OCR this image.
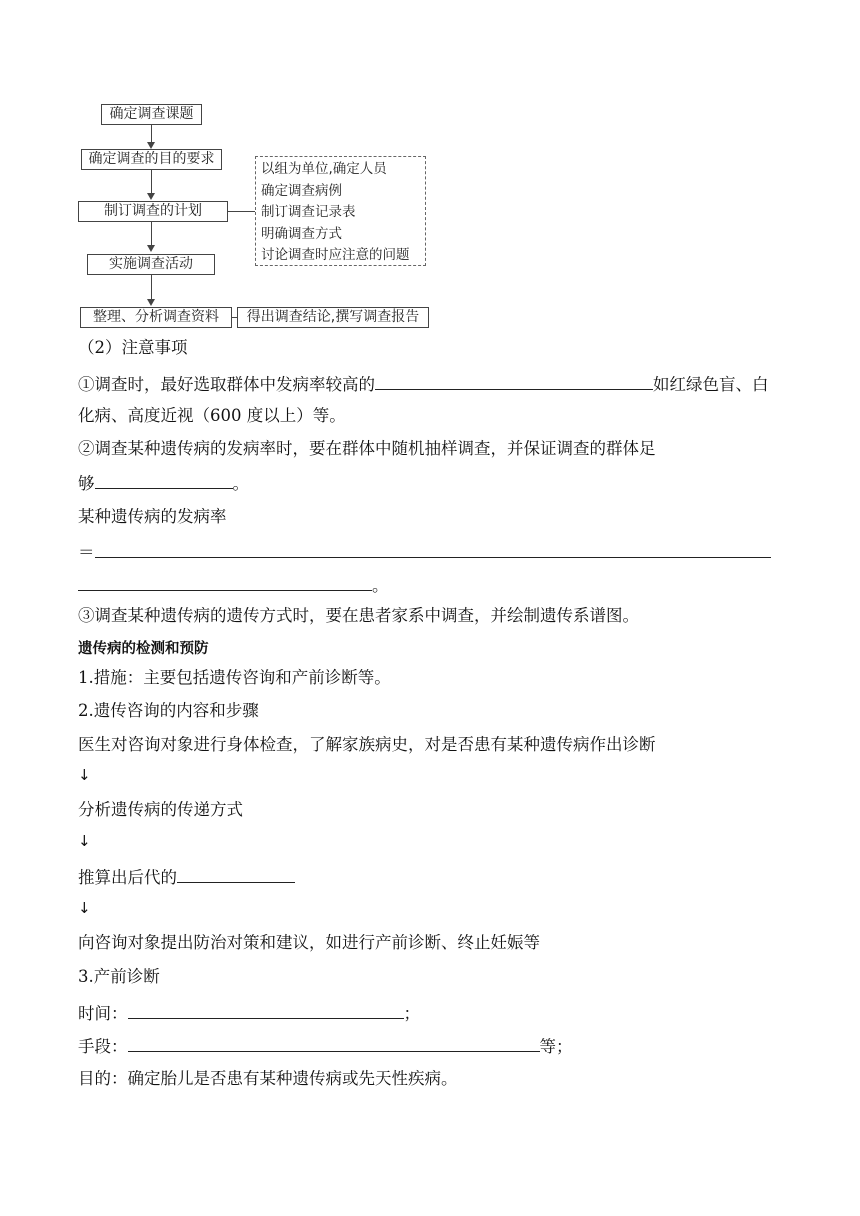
确定调查课题
确定调查的目的要求
制订调查的计划
以组为单位,确定人员
确定调查病例
制订调查记录表
明确调查方式
讨论调查时应注意的问题
实施调查活动
整理、分析调查资料	得出调查结论,撰写调查报告
（2）注意事项
①调查时，最好选取群体中发病率较高的	如红绿色盲、白
化病、高度近视（600 度以上）等。
②调查某种遗传病的发病率时，要在群体中随机抽样调查，并保证调查的群体足
够	。
某种遗传病的发病率
＝
。
③调查某种遗传病的遗传方式时，要在患者家系中调查，并绘制遗传系谱图。
遗传病的检测和预防
1.措施：主要包括遗传咨询和产前诊断等。
2.遗传咨询的内容和步骤
医生对咨询对象进行身体检查，了解家族病史，对是否患有某种遗传病作出诊断
↓
分析遗传病的传递方式
↓
推算出后代的
↓
向咨询对象提出防治对策和建议，如进行产前诊断、终止妊娠等
3.产前诊断
时间：	；
手段：	等；
目的：确定胎儿是否患有某种遗传病或先天性疾病。
